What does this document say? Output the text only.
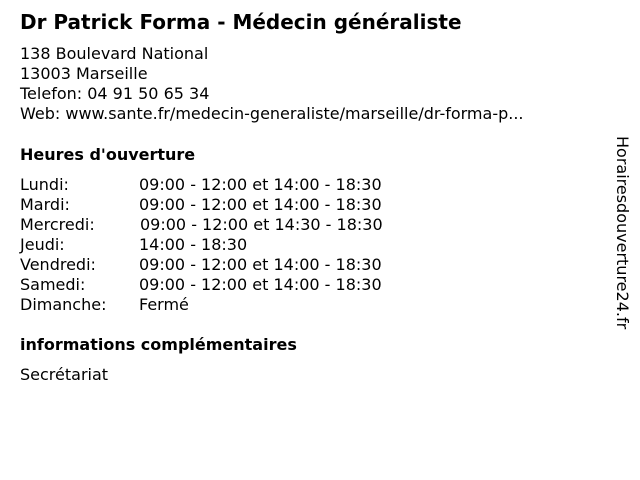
Dr Patrick Forma - Médecin généraliste
138 Boulevard National
13003 Marseille
Telefon: 04 91 50 65 34
Web: www.sante.fr/medecin-generaliste/marseille/dr-forma-p...
Heures d'ouverture
Lundi:	09:00 - 12:00 et 14:00 - 18:30
Mardi:	09:00 - 12:00 et 14:00 - 18:30
Mercredi:	09:00 - 12:00 et 14:30 - 18:30
Jeudi:	14:00 - 18:30
Vendredi:	09:00 - 12:00 et 14:00 - 18:30
Samedi:	09:00 - 12:00 et 14:00 - 18:30
Dimanche: Fermé
informations complémentaires
Secrétariat
Horairesdouverture24.fr
